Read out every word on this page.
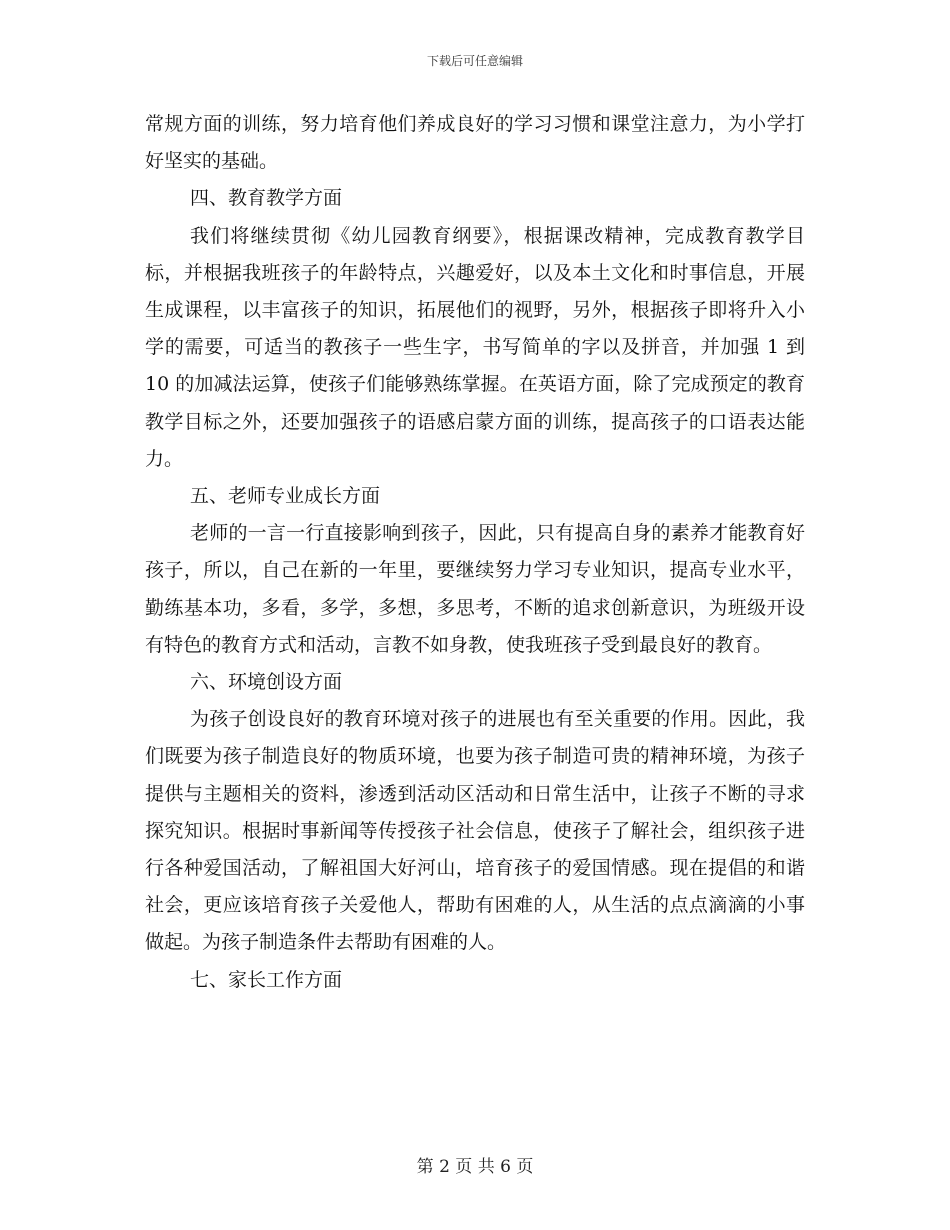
下载后可任意编辑

常规方面的训练，努力培育他们养成良好的学习习惯和课堂注意力，为小学打好坚实的基础。

四、教育教学方面

我们将继续贯彻《幼儿园教育纲要》，根据课改精神，完成教育教学目标，并根据我班孩子的年龄特点，兴趣爱好，以及本土文化和时事信息，开展生成课程，以丰富孩子的知识，拓展他们的视野，另外，根据孩子即将升入小学的需要，可适当的教孩子一些生字，书写简单的字以及拼音，并加强 1 到 10 的加减法运算，使孩子们能够熟练掌握。在英语方面，除了完成预定的教育教学目标之外，还要加强孩子的语感启蒙方面的训练，提高孩子的口语表达能力。

五、老师专业成长方面

老师的一言一行直接影响到孩子，因此，只有提高自身的素养才能教育好孩子，所以，自己在新的一年里，要继续努力学习专业知识，提高专业水平，勤练基本功，多看，多学，多想，多思考，不断的追求创新意识，为班级开设有特色的教育方式和活动，言教不如身教，使我班孩子受到最良好的教育。

六、环境创设方面

为孩子创设良好的教育环境对孩子的进展也有至关重要的作用。因此，我们既要为孩子制造良好的物质环境，也要为孩子制造可贵的精神环境，为孩子提供与主题相关的资料，渗透到活动区活动和日常生活中，让孩子不断的寻求探究知识。根据时事新闻等传授孩子社会信息，使孩子了解社会，组织孩子进行各种爱国活动，了解祖国大好河山，培育孩子的爱国情感。现在提倡的和谐社会，更应该培育孩子关爱他人，帮助有困难的人，从生活的点点滴滴的小事做起。为孩子制造条件去帮助有困难的人。

七、家长工作方面

第 2 页 共 6 页
